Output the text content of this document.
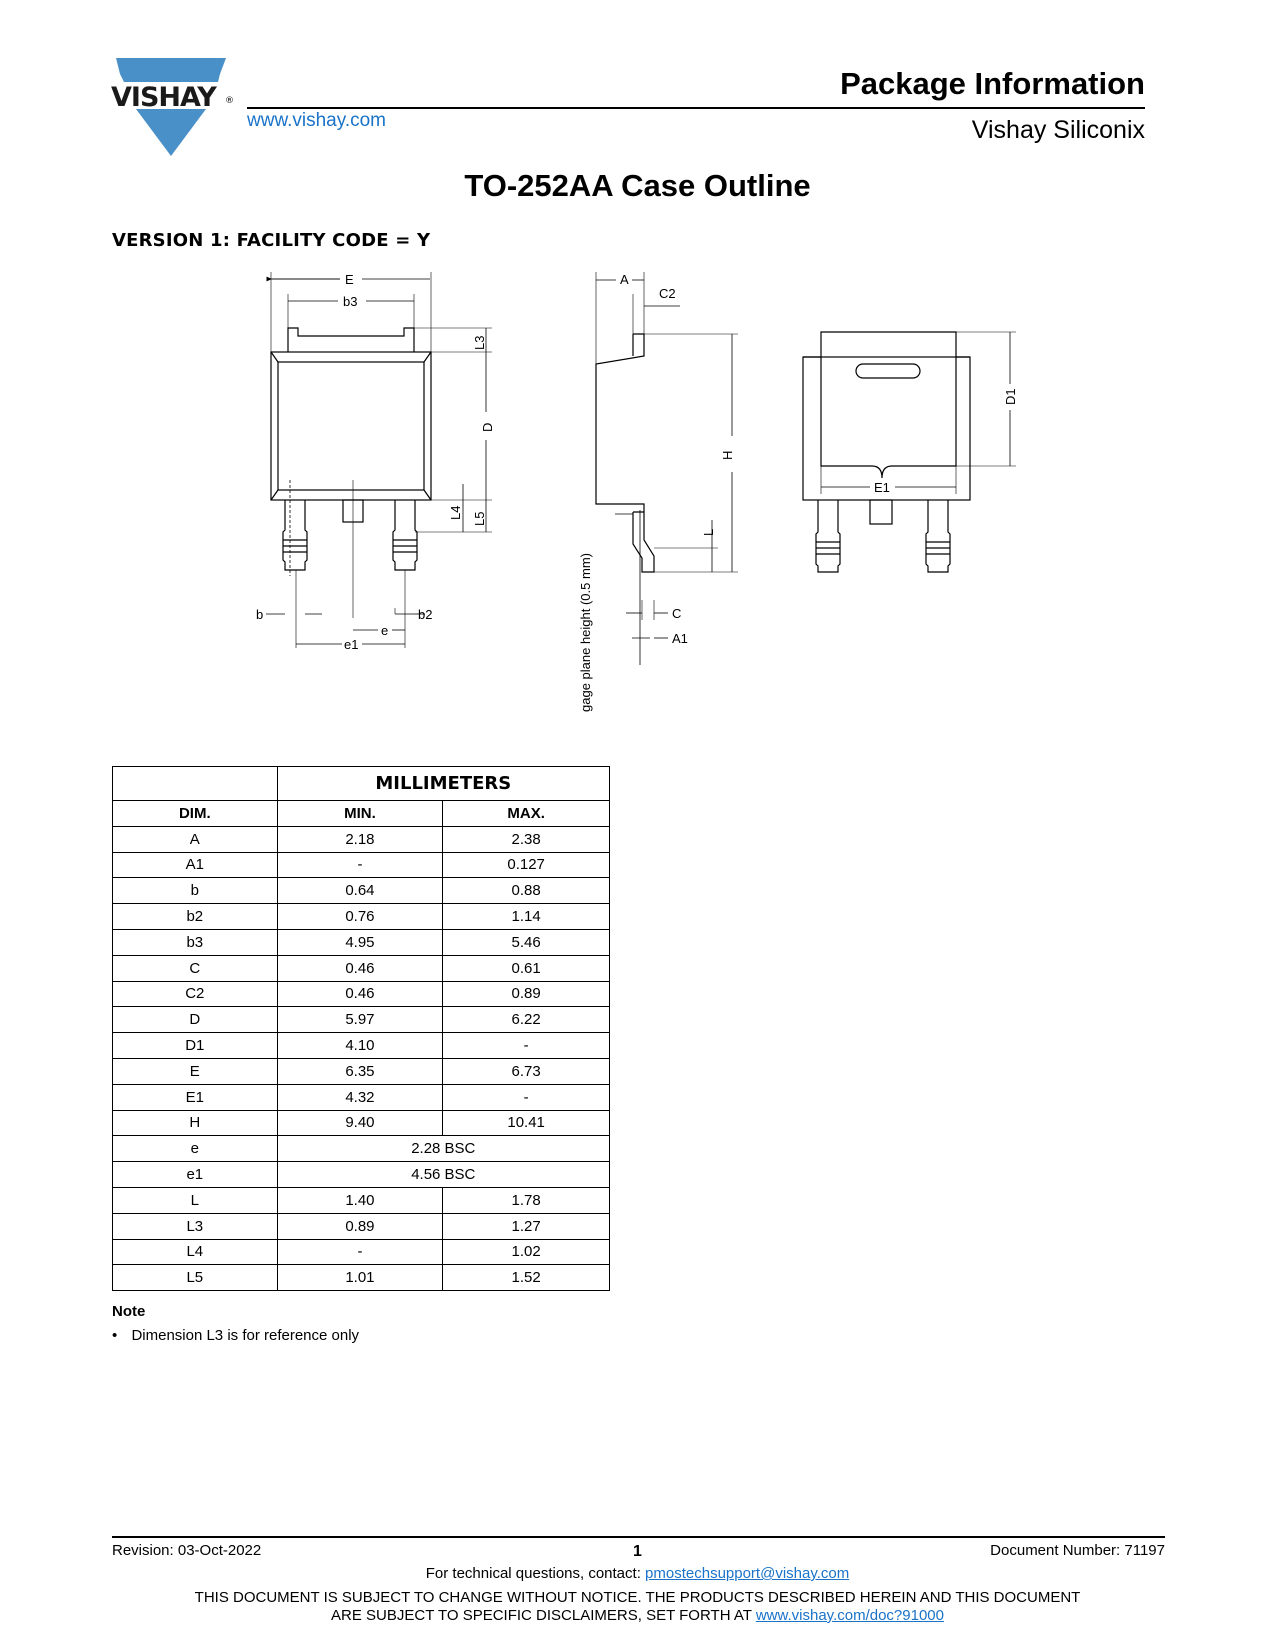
VISHAY ®
www.vishay.com
Package Information
Vishay Siliconix
TO-252AA Case Outline
VERSION 1: FACILITY CODE = Y
E
b3
L3
D
L4 L5
b	b2
e
e1
A
C2
H
L
C
A1
gage plane height (0.5 mm)
D1
E1
	MILLIMETERS	
DIM.	MIN.	MAX.
A	2.18	2.38
A1	-	0.127
b	0.64	0.88
b2	0.76	1.14
b3	4.95	5.46
C	0.46	0.61
C2	0.46	0.89
D	5.97	6.22
D1	4.10	-
E	6.35	6.73
E1	4.32	-
H	9.40	10.41
e	2.28 BSC	
e1	4.56 BSC	
L	1.40	1.78
L3	0.89	1.27
L4	-	1.02
L5	1.01	1.52
Note
• Dimension L3 is for reference only
Revision: 03-Oct-2022	1	Document Number: 71197
For technical questions, contact: pmostechsupport@vishay.com
THIS DOCUMENT IS SUBJECT TO CHANGE WITHOUT NOTICE. THE PRODUCTS DESCRIBED HEREIN AND THIS DOCUMENT
ARE SUBJECT TO SPECIFIC DISCLAIMERS, SET FORTH AT www.vishay.com/doc?91000
